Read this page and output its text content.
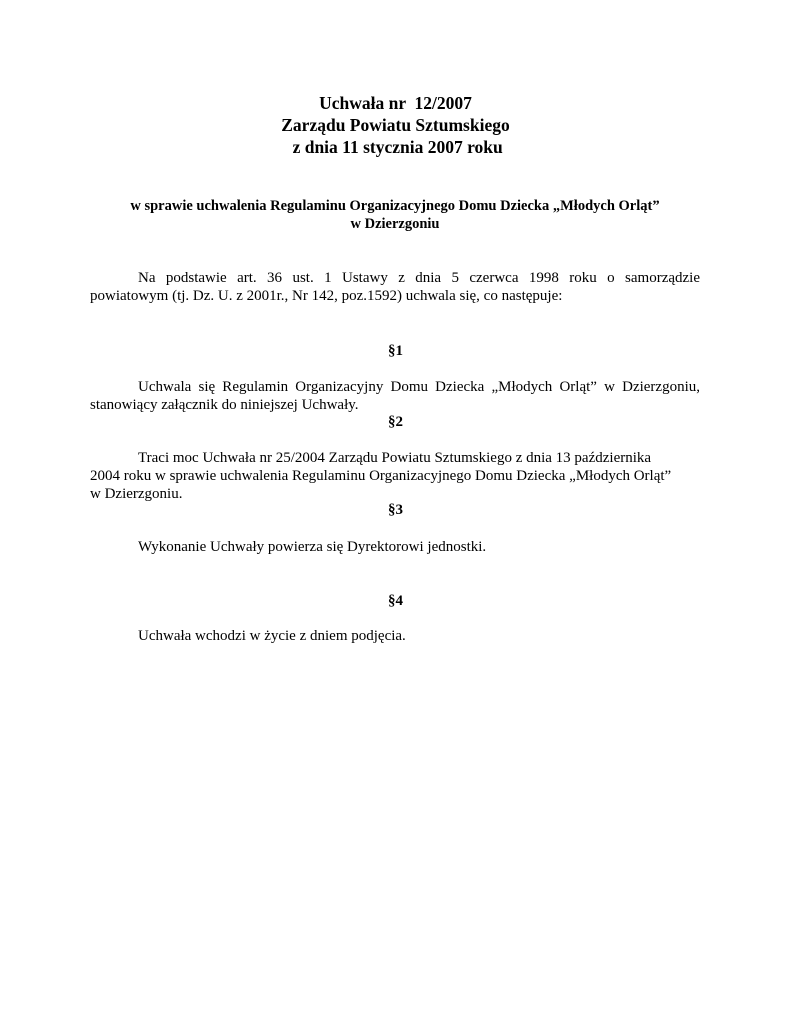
Uchwała nr  12/2007
Zarządu Powiatu Sztumskiego
z dnia 11 stycznia 2007 roku
w sprawie uchwalenia Regulaminu Organizacyjnego Domu Dziecka „Młodych Orląt”
w Dzierzgoniu
Na podstawie art. 36 ust. 1 Ustawy z dnia 5 czerwca 1998 roku o samorządzie
powiatowym (tj. Dz. U. z 2001r., Nr 142, poz.1592) uchwala się, co następuje:
§1
Uchwala się Regulamin Organizacyjny Domu Dziecka „Młodych Orląt” w Dzierzgoniu,
stanowiący załącznik do niniejszej Uchwały.
§2
Traci moc Uchwała nr 25/2004 Zarządu Powiatu Sztumskiego z dnia 13 października
2004 roku w sprawie uchwalenia Regulaminu Organizacyjnego Domu Dziecka „Młodych Orląt”
w Dzierzgoniu.
§3
Wykonanie Uchwały powierza się Dyrektorowi jednostki.
§4
Uchwała wchodzi w życie z dniem podjęcia.
